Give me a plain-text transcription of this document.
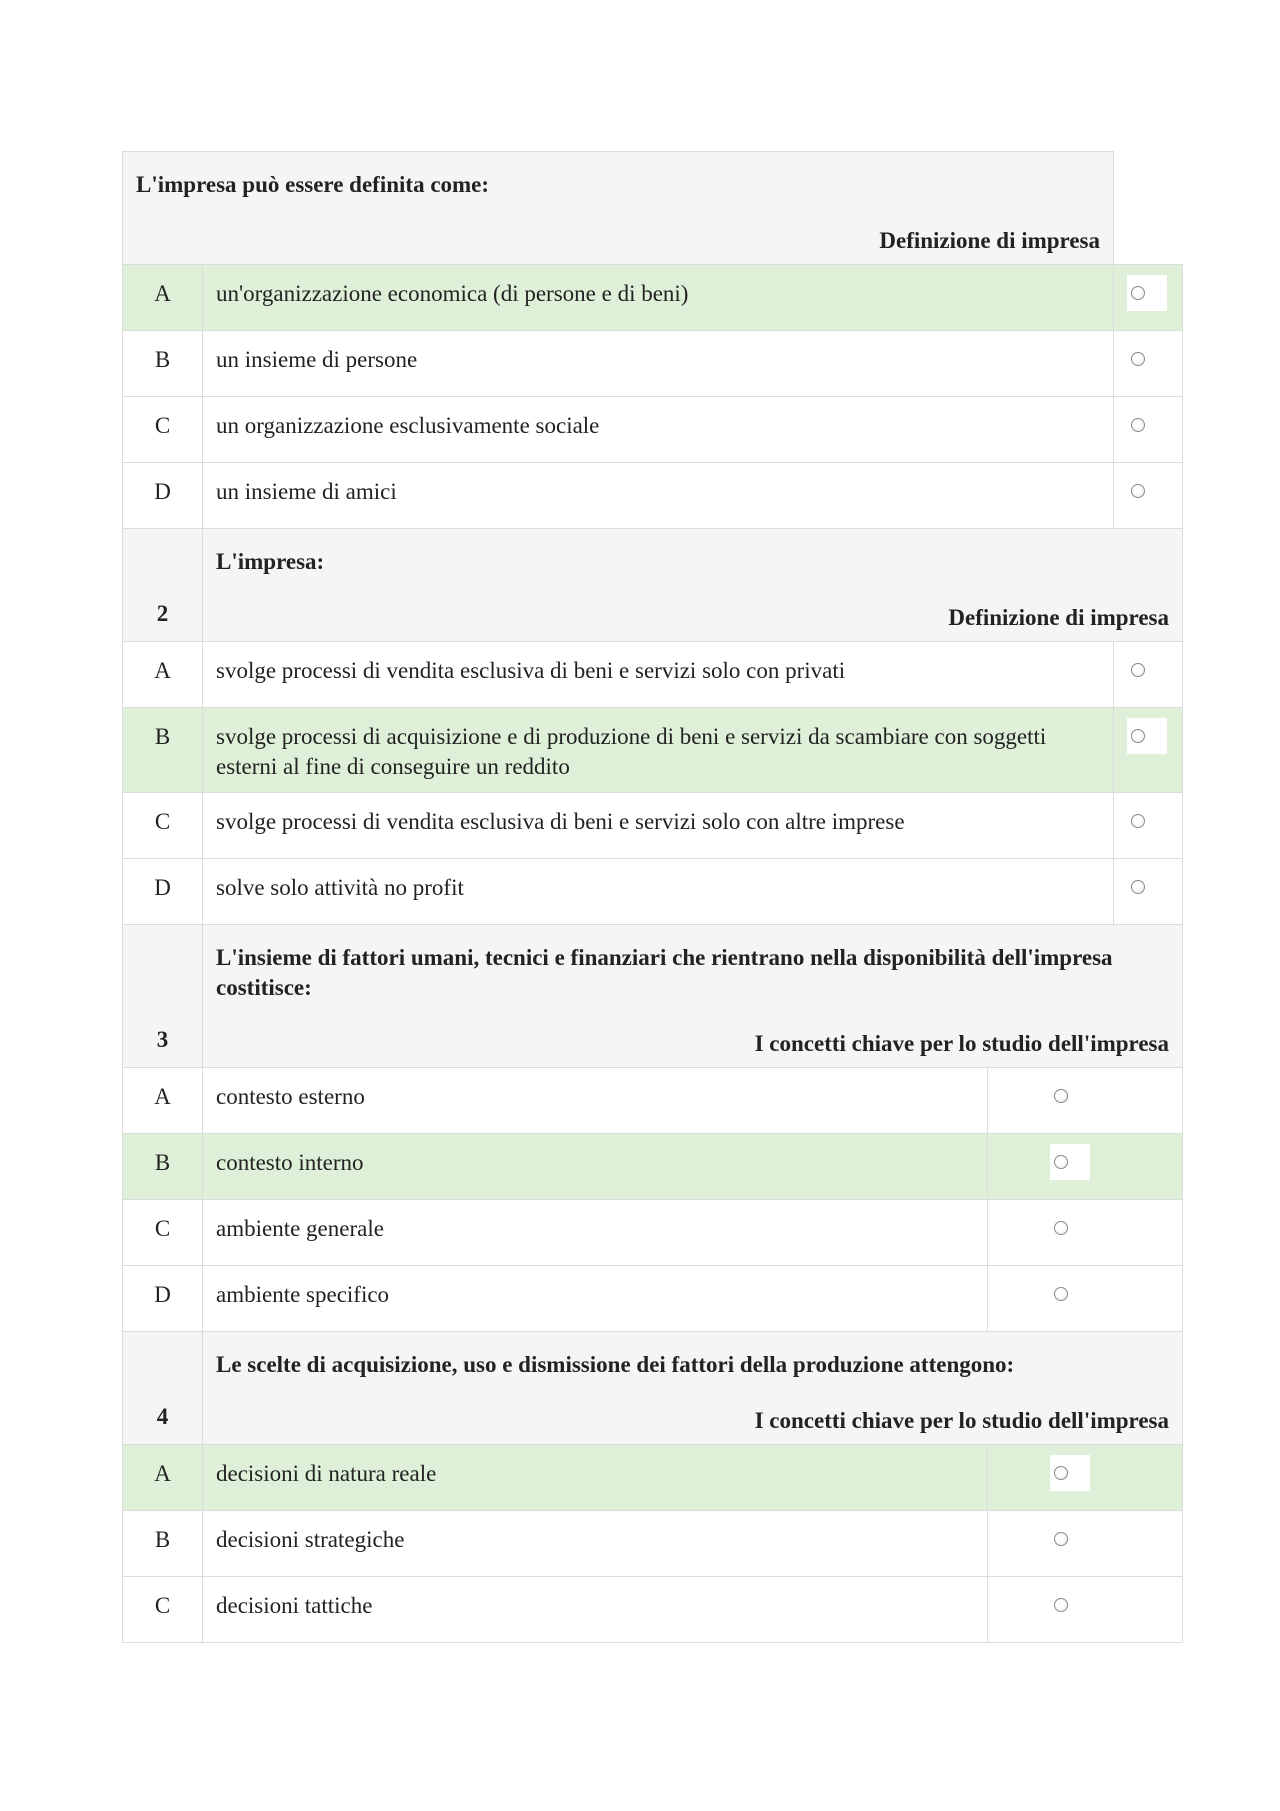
L'impresa può essere definita come:
Definizione di impresa		

A	un'organizzazione economica (di persone e di beni)	

B	un insieme di persone	

C	un organizzazione esclusivamente sociale	

D	un insieme di amici	

2	L'impresa:
Definizione di impresa	

A	svolge processi di vendita esclusiva di beni e servizi solo con privati	

B	svolge processi di acquisizione e di produzione di beni e servizi da scambiare con soggetti esterni al fine di conseguire un reddito	

C	svolge processi di vendita esclusiva di beni e servizi solo con altre imprese	

D	solve solo attività no profit	
3	L'insieme di fattori umani, tecnici e finanziari che rientrano nella disponibilità dell'impresa costitisce:
I concetti chiave per lo studio dell'impresa	

A	contesto esterno	

B	contesto interno	

C	ambiente generale	

D	ambiente specifico	

4	Le scelte di acquisizione, uso e dismissione dei fattori della produzione attengono:
I concetti chiave per lo studio dell'impresa	

A	decisioni di natura reale	

B	decisioni strategiche	

C	decisioni tattiche	
